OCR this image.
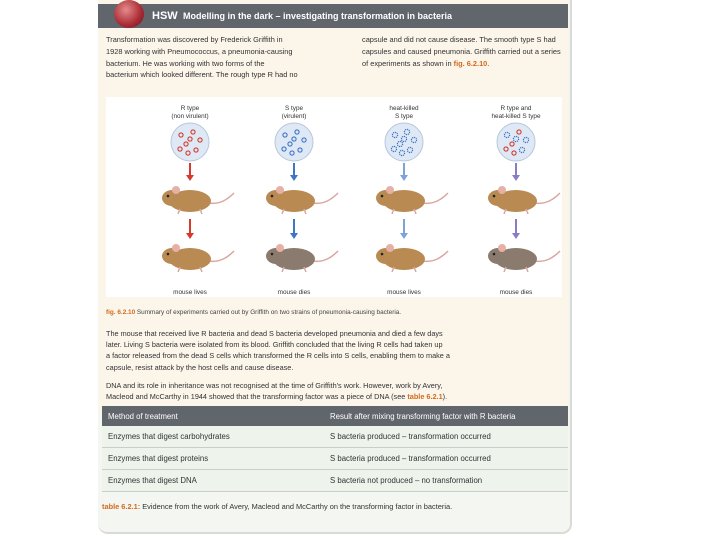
HSW Modelling in the dark – investigating transformation in bacteria

Transformation was discovered by Frederick Griffith in

1928 working with Pneumococcus, a pneumonia-causing

bacterium. He was working with two forms of the

bacterium which looked different. The rough type R had no

capsule and did not cause disease. The smooth type S had

capsules and caused pneumonia. Griffith carried out a series

of experiments as shown in fig. 6.2.10.

R type
(non virulent)
mouse lives
S type
(virulent)
mouse dies
heat-killed
S type
mouse lives
R type and
heat-killed S type
mouse dies
fig. 6.2.10 Summary of experiments carried out by Griffith on two strains of pneumonia-causing bacteria.

The mouse that received live R bacteria and dead S bacteria developed pneumonia and died a few days

later. Living S bacteria were isolated from its blood. Griffith concluded that the living R cells had taken up

a factor released from the dead S cells which transformed the R cells into S cells, enabling them to make a

capsule, resist attack by the host cells and cause disease.

DNA and its role in inheritance was not recognised at the time of Griffith's work. However, work by Avery,

Macleod and McCarthy in 1944 showed that the transforming factor was a piece of DNA (see table 6.2.1).

Method of treatment	Result after mixing transforming factor with R bacteria
Enzymes that digest carbohydrates	S bacteria produced – transformation occurred
Enzymes that digest proteins	S bacteria produced – transformation occurred
Enzymes that digest DNA	S bacteria not produced – no transformation
table 6.2.1: Evidence from the work of Avery, Macleod and McCarthy on the transforming factor in bacteria.
